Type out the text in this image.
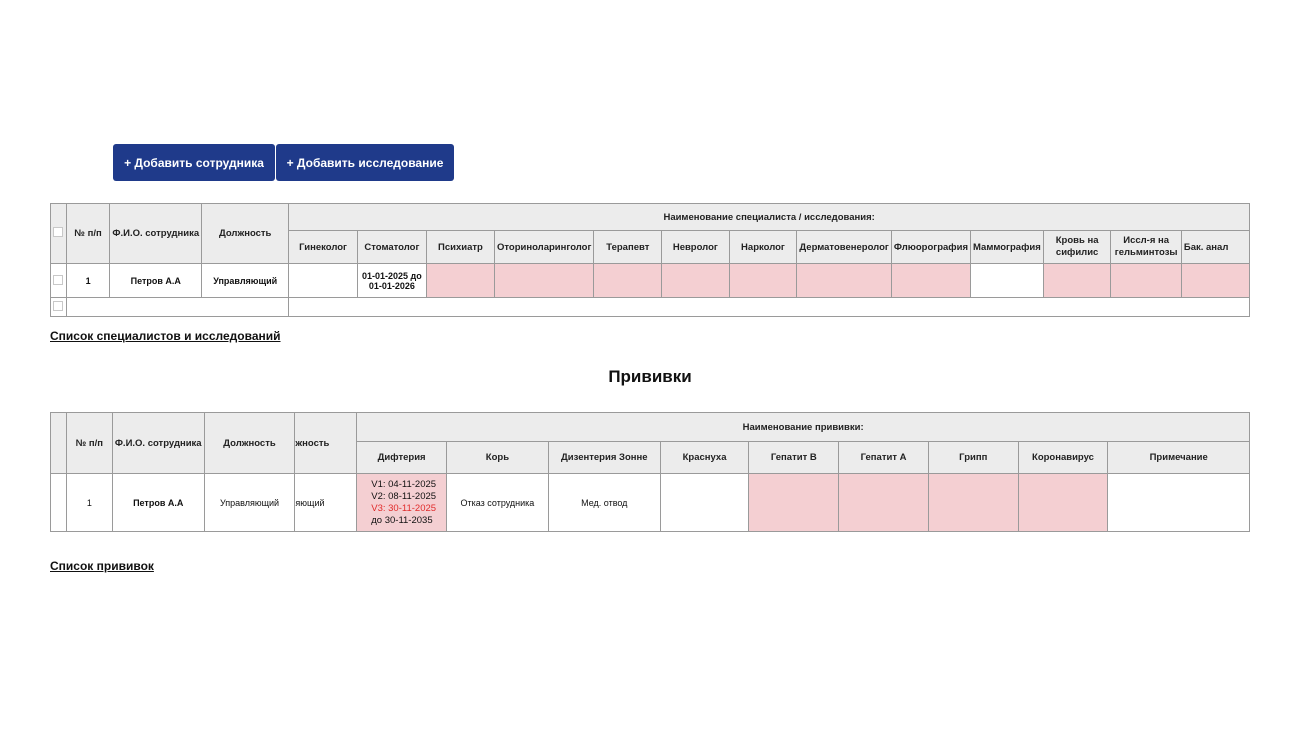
+ Добавить сотрудника	+ Добавить исследование
	№ п/п	Ф.И.О. сотрудника	Должность	Наименование специалиста / исследования:												
				Гинеколог	Стоматолог	Психиатр	Оториноларинголог	Терапевт	Невролог	Нарколог	Дерматовенеролог	Флюорография	Маммография	Кровь на сифилис	Иссл-я на гельминтозы	Бак. анал
	1	Петров А.А	Управляющий		01-01-2025 до 01-01-2026											

Список специалистов и исследований
Прививки
	№ п/п	Ф.И.О. сотрудника	Должность	жность	Наименование прививки:								
					Дифтерия	Корь	Дизентерия Зонне	Краснуха	Гепатит В	Гепатит А	Грипп	Коронавирус	Примечание
	1	Петров А.А	Управляющий	яющий	V1: 04-11-2025
V2: 08-11-2025
V3: 30-11-2025
до 30-11-2035	Отказ сотрудника	Мед. отвод						
Список прививок
